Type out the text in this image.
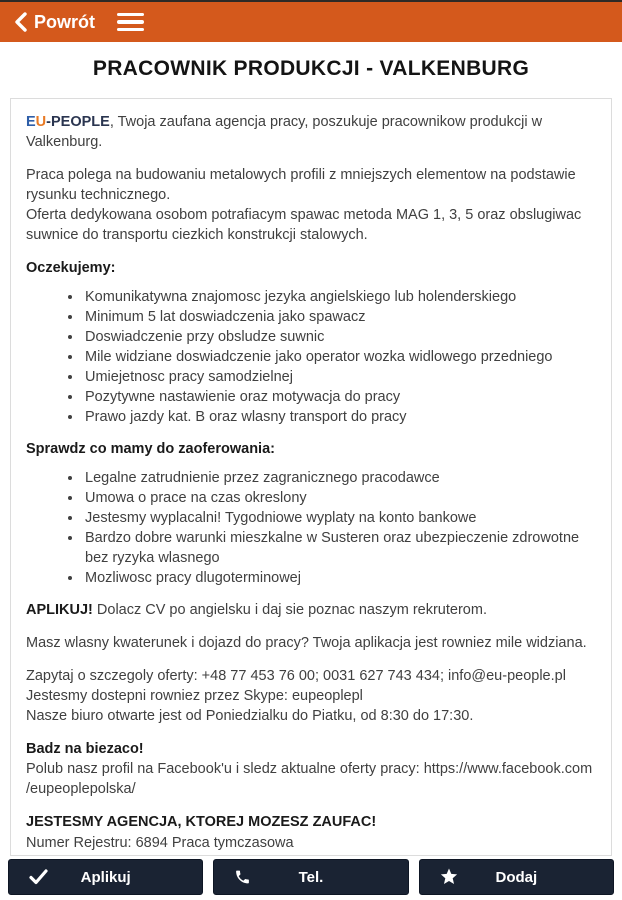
Powrót
PRACOWNIK PRODUKCJI - VALKENBURG

EU-PEOPLE, Twoja zaufana agencja pracy, poszukuje pracownikow produkcji w Valkenburg.

Praca polega na budowaniu metalowych profili z mniejszych elementow na podstawie rysunku technicznego.
Oferta dedykowana osobom potrafiacym spawac metoda MAG 1, 3, 5 oraz obslugiwac suwnice do transportu ciezkich konstrukcji stalowych.

Oczekujemy:
• Komunikatywna znajomosc jezyka angielskiego lub holenderskiego
• Minimum 5 lat doswiadczenia jako spawacz
• Doswiadczenie przy obsludze suwnic
• Mile widziane doswiadczenie jako operator wozka widlowego przedniego
• Umiejetnosc pracy samodzielnej
• Pozytywne nastawienie oraz motywacja do pracy
• Prawo jazdy kat. B oraz wlasny transport do pracy
Sprawdz co mamy do zaoferowania:
• Legalne zatrudnienie przez zagranicznego pracodawce
• Umowa o prace na czas okreslony
• Jestesmy wyplacalni! Tygodniowe wyplaty na konto bankowe
• Bardzo dobre warunki mieszkalne w Susteren oraz ubezpieczenie zdrowotne bez ryzyka wlasnego
• Mozliwosc pracy dlugoterminowej

APLIKUJ! Dolacz CV po angielsku i daj sie poznac naszym rekruterom.

Masz wlasny kwaterunek i dojazd do pracy? Twoja aplikacja jest rowniez mile widziana.

Zapytaj o szczegoly oferty: +48 77 453 76 00; 0031 627 743 434; info@eu-people.pl
Jestesmy dostepni rowniez przez Skype: eupeoplepl
Nasze biuro otwarte jest od Poniedzialku do Piatku, od 8:30 do 17:30.

Badz na biezaco!
Polub nasz profil na Facebook'u i sledz aktualne oferty pracy: https://www.facebook.com /eupeoplepolska/

JESTESMY AGENCJA, KTOREJ MOZESZ ZAUFAC!

Numer Rejestru: 6894 Praca tymczasowa

Aplikuj	Tel.	Dodaj
